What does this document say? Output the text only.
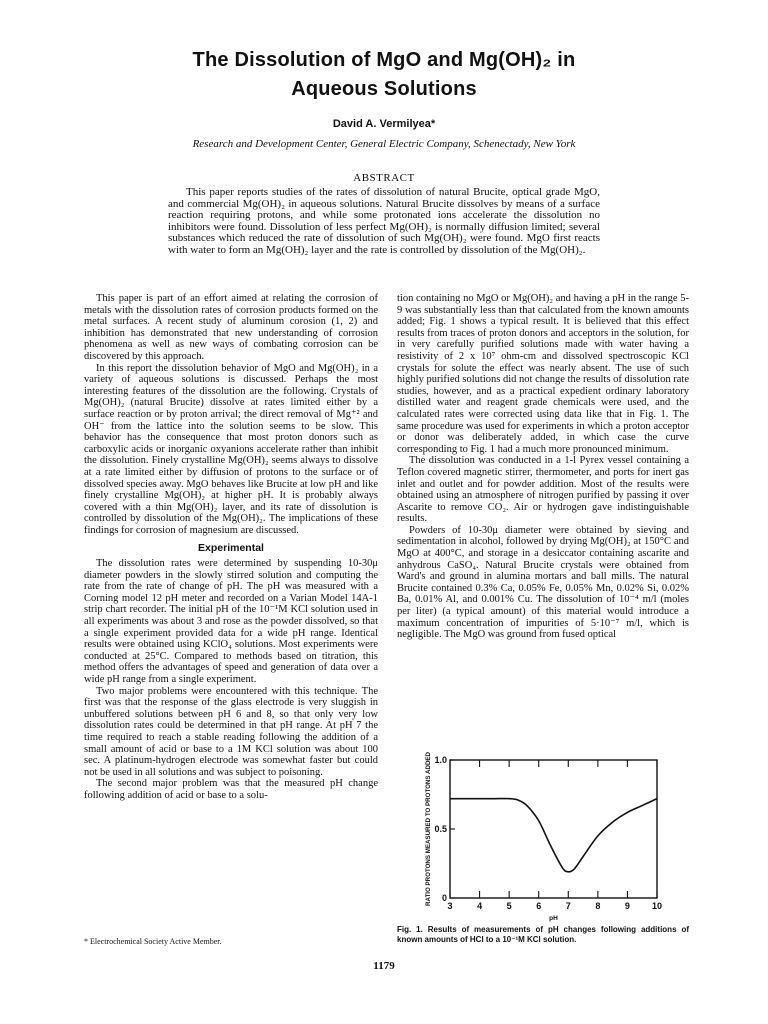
The Dissolution of MgO and Mg(OH)₂ in
Aqueous Solutions
David A. Vermilyea*
Research and Development Center, General Electric Company, Schenectady, New York
ABSTRACT

This paper reports studies of the rates of dissolution of natural Brucite, optical grade MgO, and commercial Mg(OH)₂ in aqueous solutions. Natural Brucite dissolves by means of a surface reaction requiring protons, and while some protonated ions accelerate the dissolution no inhibitors were found. Dissolution of less perfect Mg(OH)₂ is normally diffusion limited; several substances which reduced the rate of dissolution of such Mg(OH)₂ were found. MgO first reacts with water to form an Mg(OH)₂ layer and the rate is controlled by dissolution of the Mg(OH)₂.

This paper is part of an effort aimed at relating the corrosion of metals with the dissolution rates of corrosion products formed on the metal surfaces. A recent study of aluminum corosion (1, 2) and inhibition has demonstrated that new understanding of corrosion phenomena as well as new ways of combating corrosion can be discovered by this approach.

In this report the dissolution behavior of MgO and Mg(OH)₂ in a variety of aqueous solutions is discussed. Perhaps the most interesting features of the dissolution are the following. Crystals of Mg(OH)₂ (natural Brucite) dissolve at rates limited either by a surface reaction or by proton arrival; the direct removal of Mg⁺² and OH⁻ from the lattice into the solution seems to be slow. This behavior has the consequence that most proton donors such as carboxylic acids or inorganic oxyanions accelerate rather than inhibit the dissolution. Finely crystalline Mg(OH)₂ seems always to dissolve at a rate limited either by diffusion of protons to the surface or of dissolved species away. MgO behaves like Brucite at low pH and like finely crystalline Mg(OH)₂ at higher pH. It is probably always covered with a thin Mg(OH)₂ layer, and its rate of dissolution is controlled by dissolution of the Mg(OH)₂. The implications of these findings for corrosion of magnesium are discussed.

Experimental

The dissolution rates were determined by suspending 10-30μ diameter powders in the slowly stirred solution and computing the rate from the rate of change of pH. The pH was measured with a Corning model 12 pH meter and recorded on a Varian Model 14A-1 strip chart recorder. The initial pH of the 10⁻¹M KCl solution used in all experiments was about 3 and rose as the powder dissolved, so that a single experiment provided data for a wide pH range. Identical results were obtained using KClO₄ solutions. Most experiments were conducted at 25°C. Compared to methods based on titration, this method offers the advantages of speed and generation of data over a wide pH range from a single experiment.

Two major problems were encountered with this technique. The first was that the response of the glass electrode is very sluggish in unbuffered solutions between pH 6 and 8, so that only very low dissolution rates could be determined in that pH range. At pH 7 the time required to reach a stable reading following the addition of a small amount of acid or base to a 1M KCl solution was about 100 sec. A platinum-hydrogen electrode was somewhat faster but could not be used in all solutions and was subject to poisoning.

The second major problem was that the measured pH change following addition of acid or base to a solu-

tion containing no MgO or Mg(OH)₂ and having a pH in the range 5-9 was substantially less than that calculated from the known amounts added; Fig. 1 shows a typical result. It is believed that this effect results from traces of proton donors and acceptors in the solution, for in very carefully purified solutions made with water having a resistivity of 2 x 10⁷ ohm-cm and dissolved spectroscopic KCl crystals for solute the effect was nearly absent. The use of such highly purified solutions did not change the results of dissolution rate studies, however, and as a practical expedient ordinary laboratory distilled water and reagent grade chemicals were used, and the calculated rates were corrected using data like that in Fig. 1. The same procedure was used for experiments in which a proton acceptor or donor was deliberately added, in which case the curve corresponding to Fig. 1 had a much more pronounced minimum.

The dissolution was conducted in a 1-l Pyrex vessel containing a Teflon covered magnetic stirrer, thermometer, and ports for inert gas inlet and outlet and for powder addition. Most of the results were obtained using an atmosphere of nitrogen purified by passing it over Ascarite to remove CO₂. Air or hydrogen gave indistinguishable results.

Powders of 10-30μ diameter were obtained by sieving and sedimentation in alcohol, followed by drying Mg(OH)₂ at 150°C and MgO at 400°C, and storage in a desiccator containing ascarite and anhydrous CaSO₄. Natural Brucite crystals were obtained from Ward's and ground in alumina mortars and ball mills. The natural Brucite contained 0.3% Ca, 0.05% Fe, 0.05% Mn, 0.02% Si, 0.02% Ba, 0.01% Al, and 0.001% Cu. The dissolution of 10⁻⁴ m/l (moles per liter) (a typical amount) of this material would introduce a maximum concentration of impurities of 5·10⁻⁷ m/l, which is negligible. The MgO was ground from fused optical

3	4	5	6	7	8	9 10
0
0.5
1.0
pH
RATIO PROTONS MEASURED TO PROTONS ADDED
Fig. 1. Results of measurements of pH changes following additions of known amounts of HCl to a 10⁻¹M KCl solution.
* Electrochemical Society Active Member.
1179
